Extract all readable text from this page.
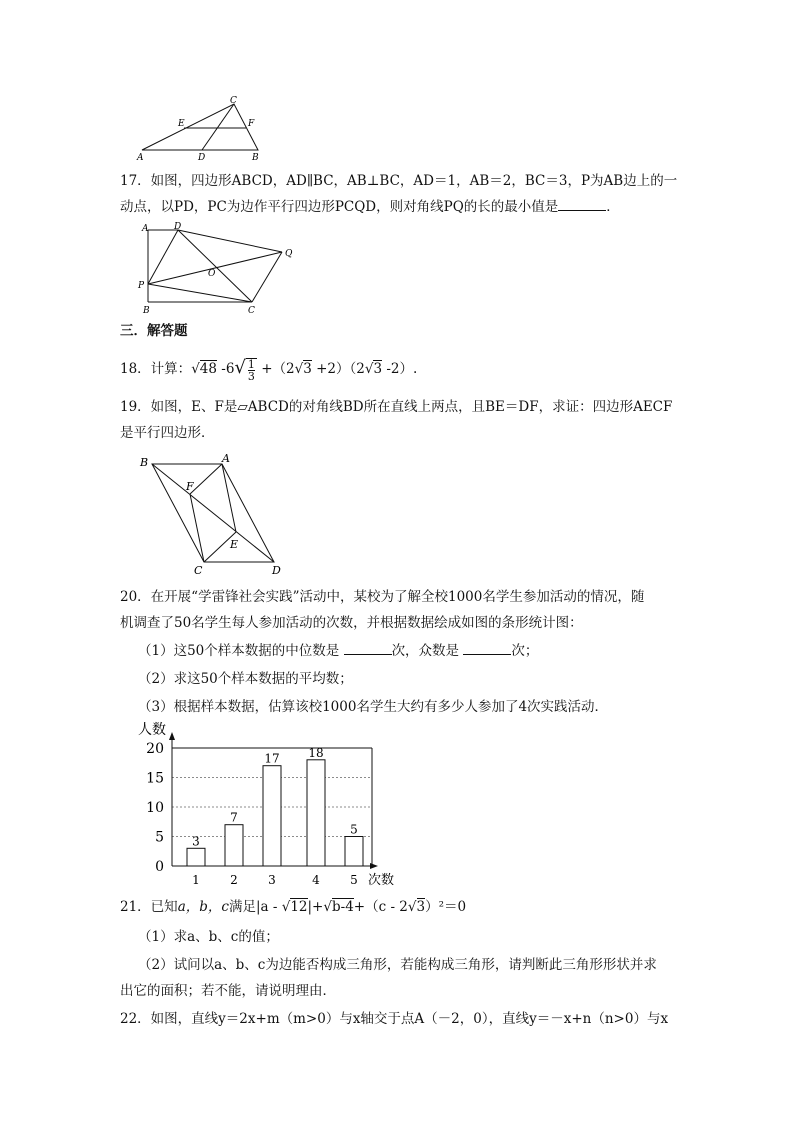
C
E	F
A	D	B
17．如图，四边形ABCD，AD∥BC，AB⊥BC，AD＝1，AB＝2，BC＝3，P为AB边上的一
动点，以PD，PC为边作平行四边形PCQD，则对角线PQ的长的最小值是	．
A	D
Q
O
P
B	C
三．解答题
18．计算：√48 $-6√ \frac{1}{3} +(2√3 +2)(2√3$ -2）.
19．如图，E、F是▱ABCD的对角线BD所在直线上两点，且BE＝DF，求证：四边形AECF
是平行四边形．
B	A
F
E
C	D
20．在开展“学雷锋社会实践”活动中，某校为了解全校1000名学生参加活动的情况，随
机调查了50名学生每人参加活动的次数，并根据数据绘成如图的条形统计图：
（1）这50个样本数据的中位数是	次，众数是	次；
（2）求这50个样本数据的平均数；
（3）根据样本数据，估算该校1000名学生大约有多少人参加了4次实践活动．
人数
次数
0
5
10
15
20
3
1
7
2
17
3
18
4
5
5
21．已知a，b，c满足|a - √12|+√b-4+（c - 2√3）²＝0
（1）求a、b、c的值；
（2）试问以a、b、c为边能否构成三角形，若能构成三角形，请判断此三角形形状并求
出它的面积；若不能，请说明理由．
22．如图，直线y＝2x+m（m>0）与x轴交于点A（－2，0），直线y＝－x+n（n>0）与x
